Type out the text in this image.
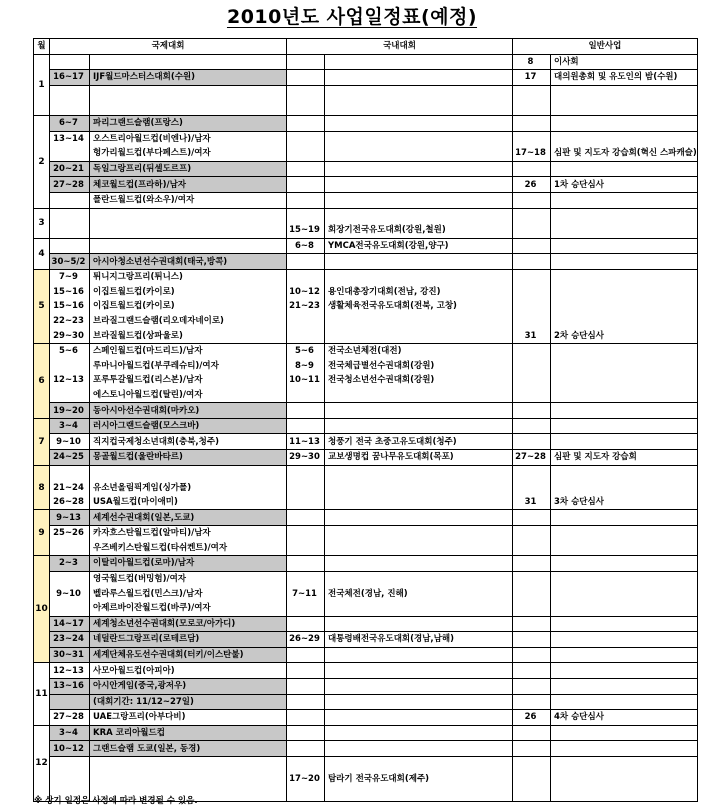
2010년도 사업일정표(예정)
월	국제대회		국내대회		일반사업	
1					8	이사회
	16~17	IJF월드마스터스대회(수원)			17	대의원총회 및 유도인의 밤(수원)

2	6~7	파리그랜드슬램(프랑스)				
	13~14	오스트리아월드컵(비엔나)/남자				
		헝가리월드컵(부다페스트)/여자			17~18	심판 및 지도자 강습회(혁신 스파캐슬)
	20~21	독일그랑프리(뒤셀도르프)				
	27~28	체코월드컵(프라하)/남자			26	1차 승단심사
		폴란드월드컵(와소우)/여자				
3						
			15~19	회장기전국유도대회(강원,철원)		
4			6~8	YMCA전국유도대회(강원,양구)		
	30~5/2	아시아청소년선수권대회(태국,방콕)				
5	7~9	튀니지그랑프리(튀니스)				
	15~16	이집트월드컵(카이로)	10~12	용인대총장기대회(전남, 강진)		
	15~16	이집트월드컵(카이로)	21~23	생활체육전국유도대회(전북, 고창)		
	22~23	브라질그랜드슬램(리오데자네이로)				
	29~30	브라질월드컵(상파울로)			31	2차 승단심사
6	5~6	스페인월드컵(마드리드)/남자	5~6	전국소년체전(대전)		
		루마니아월드컵(부쿠레슈티)/여자	8~9	전국체급별선수권대회(강원)		
	12~13	포루투갈월드컵(리스본)/남자	10~11	전국청소년선수권대회(강원)		
		에스토니아월드컵(탈린)/여자				
	19~20	동아시아선수권대회(마카오)				
7	3~4	러시아그랜드슬램(모스크바)				
	9~10	직지컵국제청소년대회(충북,청주)	11~13	청풍기 전국 초중고유도대회(청주)		
	24~25	몽골월드컵(울란바타르)	29~30	교보생명컵 꿈나무유도대회(목포)	27~28	심판 및 지도자 강습회
8						
	21~24	유소년올림픽게임(싱가폴)				
	26~28	USA월드컵(마이애미)			31	3차 승단심사
9	9~13	세계선수권대회(일본,도쿄)				
	25~26	카자흐스탄월드컵(알마티)/남자				
		우즈베키스탄월드컵(타쉬켄트)/여자				
10	2~3	이탈리아월드컵(로마)/남자				
		영국월드컵(버밍험)/여자				
	9~10	벨라루스월드컵(민스크)/남자	7~11	전국체전(경남, 진해)		
		아제르바이잔월드컵(바쿠)/여자				
	14~17	세계청소년선수권대회(모로코/아가디)				
	23~24	네덜란드그랑프리(로테르담)	26~29	대통령배전국유도대회(경남,남해)		
	30~31	세계단체유도선수권대회(터키/이스탄불)				
11	12~13	사모아월드컵(아피아)				
	13~16	아시안게임(중국,광저우)				
		(대회기간: 11/12~27일)				
	27~28	UAE그랑프리(아부다비)			26	4차 승단심사
12	3~4	KRA 코리아월드컵				
	10~12	그랜드슬램 도쿄(일본, 동경)				

			17~20	탐라기 전국유도대회(제주)		

※ 상기 일정은 사정에 따라 변경될 수 있음.
